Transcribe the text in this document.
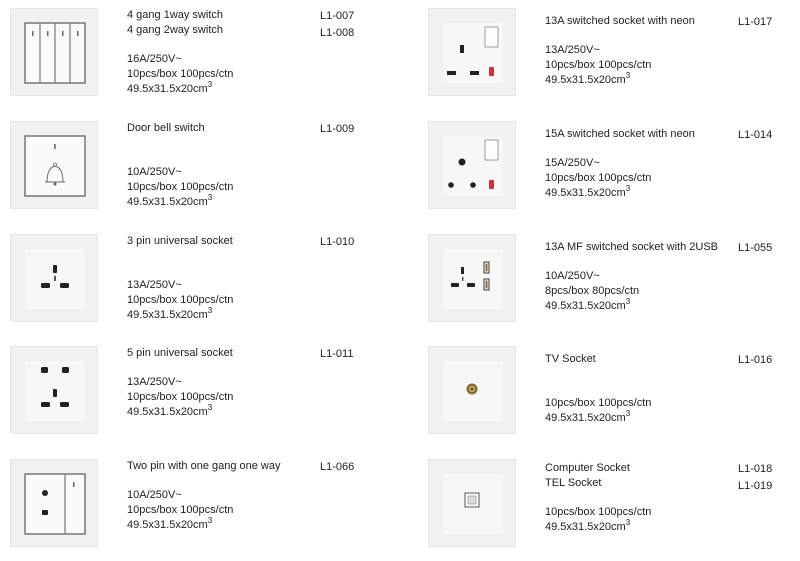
4 gang 1way switch
4 gang 2way switch
16A/250V~
10pcs/box 100pcs/ctn
$49.5x31.5x20cm^3$
L1-007
L1-008
Door bell switch
10A/250V~
10pcs/box 100pcs/ctn
$49.5x31.5x20cm^3$
L1-009
3 pin universal socket
13A/250V~
10pcs/box 100pcs/ctn
$49.5x31.5x20cm^3$
L1-010
5 pin universal socket
13A/250V~
10pcs/box 100pcs/ctn
$49.5x31.5x20cm^3$
L1-011
Two pin with one gang one way
10A/250V~
10pcs/box 100pcs/ctn
$49.5x31.5x20cm^3$
L1-066
13A switched socket with neon
13A/250V~
10pcs/box 100pcs/ctn
$49.5x31.5x20cm^3$
L1-017
15A switched socket with neon
15A/250V~
10pcs/box 100pcs/ctn
$49.5x31.5x20cm^3$
L1-014
13A MF switched socket with 2USB
10A/250V~
8pcs/box 80pcs/ctn
$49.5x31.5x20cm^3$
L1-055
TV Socket
10pcs/box 100pcs/ctn
$49.5x31.5x20cm^3$
L1-016
Computer Socket
TEL Socket
10pcs/box 100pcs/ctn
$49.5x31.5x20cm^3$
L1-018
L1-019
